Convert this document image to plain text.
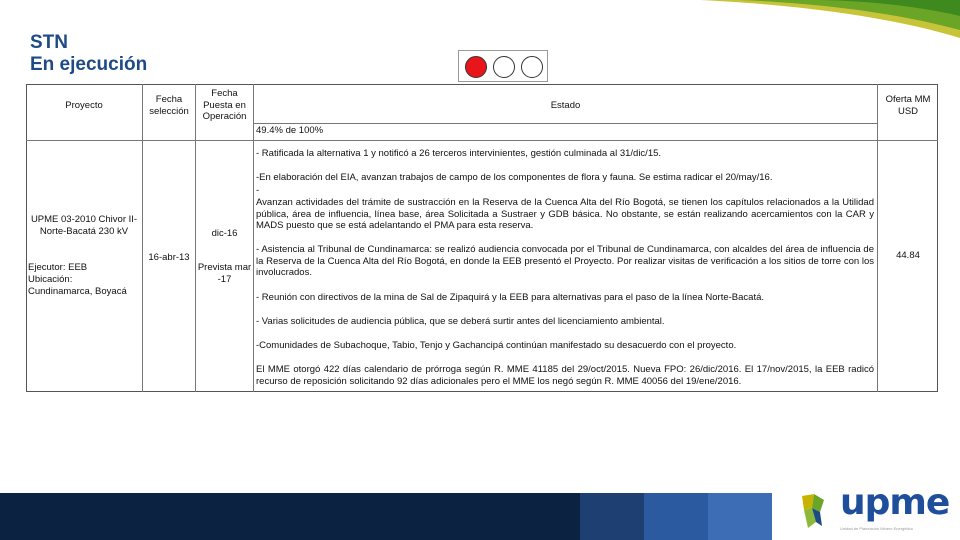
STN
En ejecución
Proyecto
Fecha selección
Fecha Puesta en Operación
Estado
Oferta MM USD
49.4% de 100%
UPME 03-2010 Chivor II-Norte-Bacatá 230 kV
Ejecutor: EEB
Ubicación:
Cundinamarca, Boyacá
16-abr-13
dic-16
Prevista mar -17
- Ratificada la alternativa 1 y notificó a 26 terceros intervinientes, gestión culminada al 31/dic/15.
-En elaboración del EIA, avanzan trabajos de campo de los componentes de flora y fauna. Se estima radicar el 20/may/16.
-
Avanzan actividades del trámite de sustracción en la Reserva de la Cuenca Alta del Río Bogotá, se tienen los capítulos relacionados a la Utilidad pública, área de influencia, línea base, área Solicitada a Sustraer y GDB básica. No obstante, se están realizando acercamientos con la CAR y MADS puesto que se está adelantando el PMA para esta reserva.
- Asistencia al Tribunal de Cundinamarca: se realizó audiencia convocada por el Tribunal de Cundinamarca, con alcaldes del área de influencia de la Reserva de la Cuenca Alta del Río Bogotá, en donde la EEB presentó el Proyecto. Por realizar visitas de verificación a los sitios de torre con los involucrados.
- Reunión con directivos de la mina de Sal de Zipaquirá y la EEB para alternativas para el paso de la línea Norte-Bacatá.
- Varias solicitudes de audiencia pública, que se deberá surtir antes del licenciamiento ambiental.
-Comunidades de Subachoque, Tabio, Tenjo y Gachancipá continúan manifestado su desacuerdo con el proyecto.
El MME otorgó 422 días calendario de prórroga según R. MME 41185 del 29/oct/2015. Nueva FPO: 26/dic/2016. El 17/nov/2015, la EEB radicó recurso de reposición solicitando 92 días adicionales pero el MME los negó según R. MME 40056 del 19/ene/2016.
44.84
upme
Unidad de Planeación Minero Energética
